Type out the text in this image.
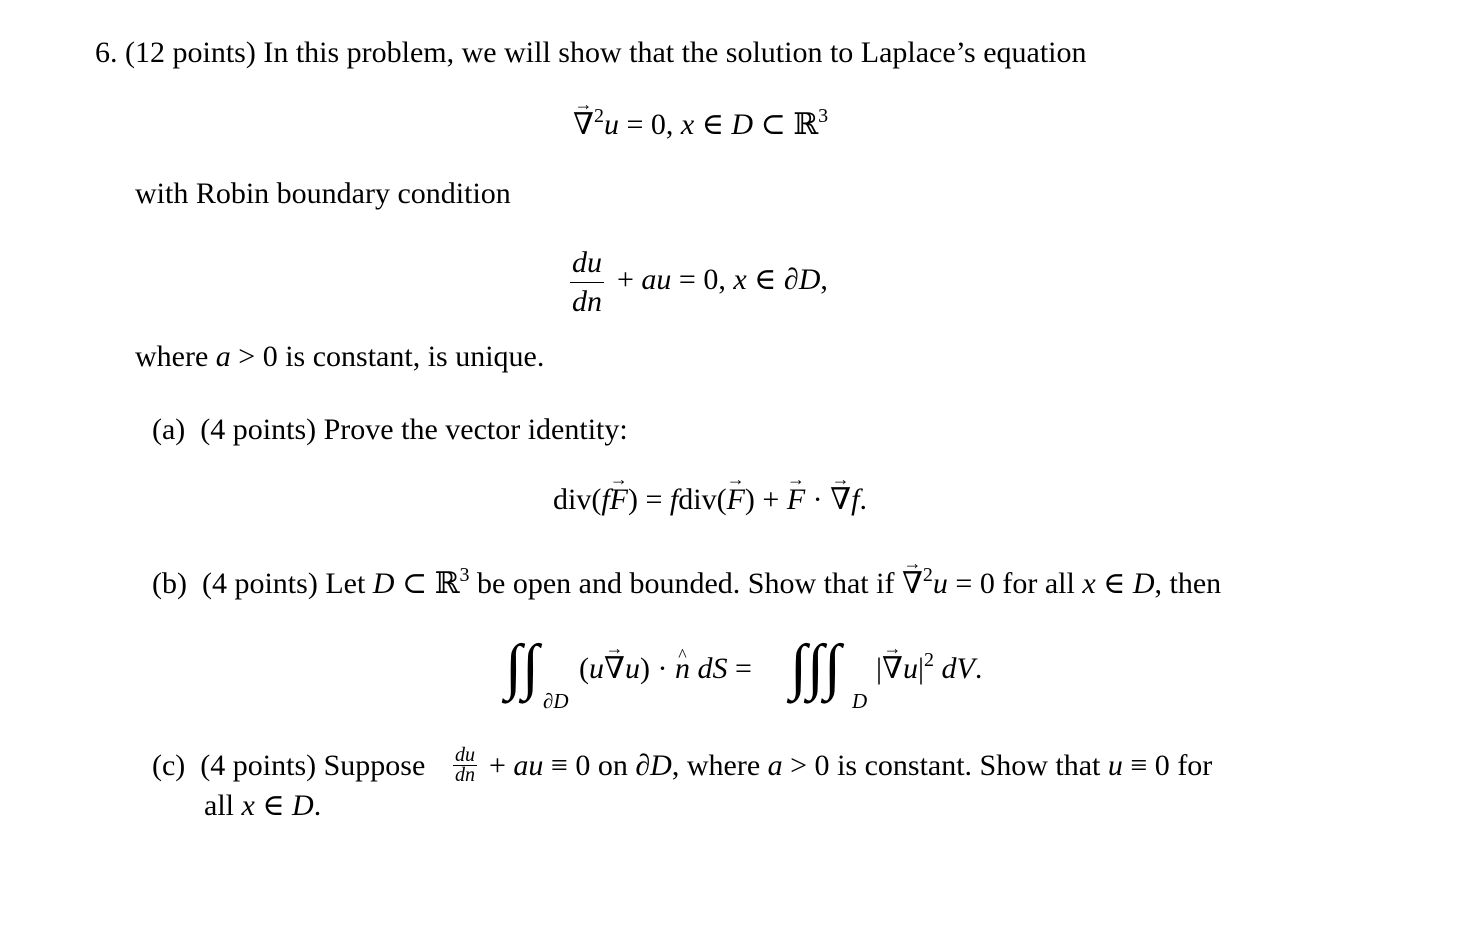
6. (12 points) In this problem, we will show that the solution to Laplace’s equation
→ ∇$^2$u = 0, x ∈ D ⊂ ℝ$^3$
with Robin boundary condition
$\frac{du}{dn}$ + au = 0, x ∈ ∂D,
where a > 0 is constant, is unique.
(a) (4 points) Prove the vector identity:
div(f→ F) = fdiv(→ F) + → F · → ∇f.
(b) (4 points) Let D ⊂ ℝ$^3$ be open and bounded. Show that if → ∇$^2$u = 0 for all x ∈ D, then
∫∫ ∂D
(u→ ∇u) · ^ n dS = ∫∫∫ D
|→ $\nabla u|^2$ dV.
(c) (4 points) Suppose $\frac{du}{dn}$ + au ≡ 0 on ∂D, where a > 0 is constant. Show that u ≡ 0 for
all x ∈ D.
